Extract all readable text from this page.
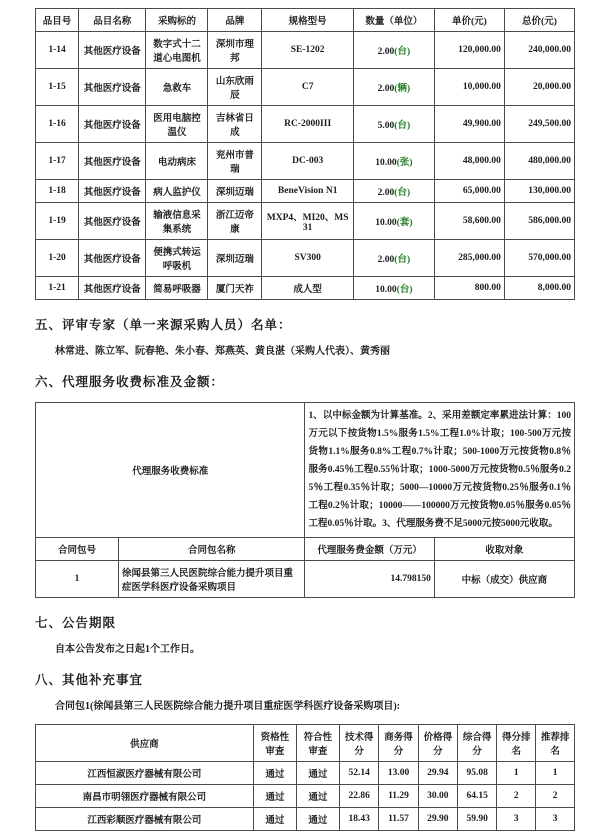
品目号	品目名称	采购标的	品牌	规格型号	数量（单位）	单价(元)	总价(元)
1-14	其他医疗设备	数字式十二道心电图机	深圳市理邦	SE-1202	2.00(台)	120,000.00	240,000.00
1-15	其他医疗设备	急救车	山东欣雨辰	C7	2.00(辆)	10,000.00	20,000.00
1-16	其他医疗设备	医用电脑控温仪	吉林省日成	RC-2000III	5.00(台)	49,900.00	249,500.00
1-17	其他医疗设备	电动病床	兖州市普瑞	DC-003	10.00(张)	48,000.00	480,000.00
1-18	其他医疗设备	病人监护仪	深圳迈瑞	BeneVision N1	2.00(台)	65,000.00	130,000.00
1-19	其他医疗设备	输液信息采集系统	浙江迈帝康	MXP4、MI20、MS31	10.00(套)	58,600.00	586,000.00
1-20	其他医疗设备	便携式转运呼吸机	深圳迈瑞	SV300	2.00(台)	285,000.00	570,000.00
1-21	其他医疗设备	简易呼吸器	厦门天祚	成人型	10.00(台)	800.00	8,000.00
五、评审专家（单一来源采购人员）名单：

林常进、陈立军、阮春艳、朱小春、郑燕英、黄良湛（采购人代表）、黄秀丽

六、代理服务收费标准及金额：
代理服务收费标准		1、以中标金额为计算基准。2、采用差额定率累进法计算：100万元以下按货物1.5%服务1.5%工程1.0%计取；100-500万元按货物1.1%服务0.8%工程0.7%计取；500-1000万元按货物0.8％服务0.45％工程0.55％计取；1000-5000万元按货物0.5％服务0.25％工程0.35％计取；5000—10000万元按货物0.25％服务0.1％工程0.2％计取；10000——100000万元按货物0.05％服务0.05％工程0.05％计取。3、代理服务费不足5000元按5000元收取。	
合同包号	合同包名称	代理服务费金额（万元）	收取对象
1	徐闻县第三人民医院综合能力提升项目重症医学科医疗设备采购项目	14.798150	中标（成交）供应商
七、公告期限

自本公告发布之日起1个工作日。

八、其他补充事宜

合同包1(徐闻县第三人民医院综合能力提升项目重症医学科医疗设备采购项目):

供应商	资格性审查	符合性审查	技术得分	商务得分	价格得分	综合得分	得分排名	推荐排名
江西恒淑医疗器械有限公司	通过	通过	52.14	13.00	29.94	95.08	1	1
南昌市明翎医疗器械有限公司	通过	通过	22.86	11.29	30.00	64.15	2	2
江西彩顺医疗器械有限公司	通过	通过	18.43	11.57	29.90	59.90	3	3
